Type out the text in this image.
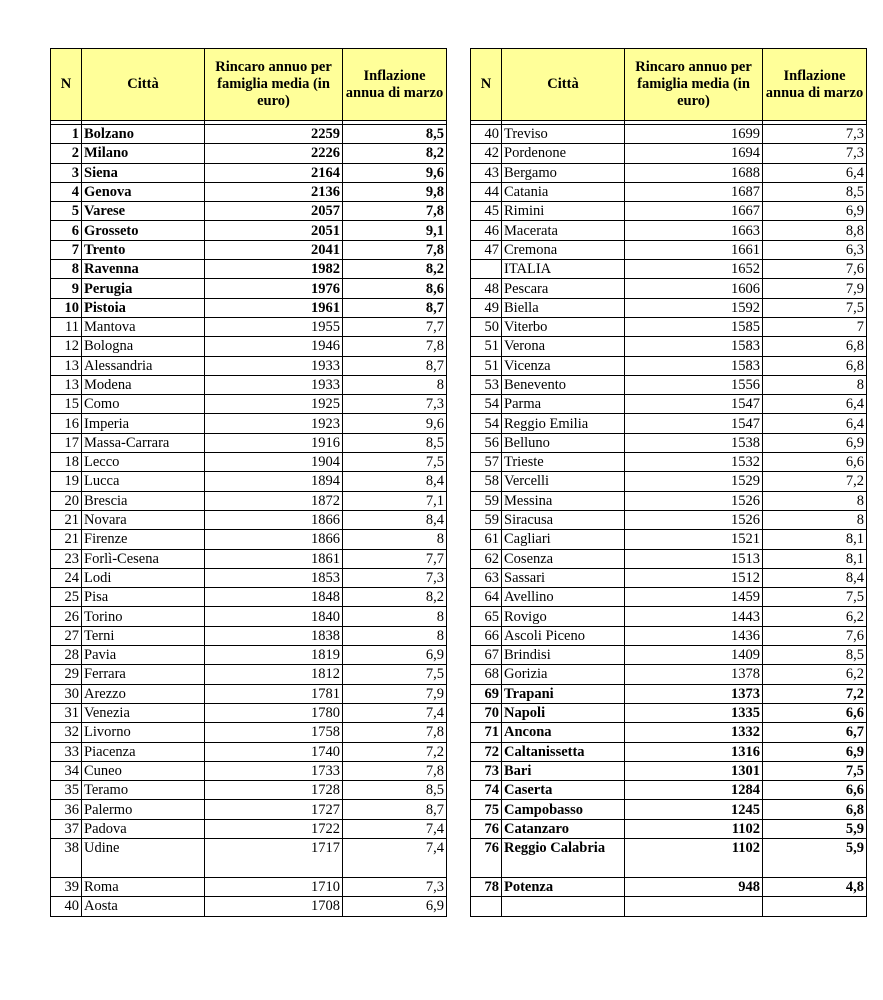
N	Città	Rincaro annuo per famiglia media (in euro)	Inflazione annua di marzo

1	Bolzano	2259	8,5
2	Milano	2226	8,2
3	Siena	2164	9,6
4	Genova	2136	9,8
5	Varese	2057	7,8
6	Grosseto	2051	9,1
7	Trento	2041	7,8
8	Ravenna	1982	8,2
9	Perugia	1976	8,6
10	Pistoia	1961	8,7
11	Mantova	1955	7,7
12	Bologna	1946	7,8
13	Alessandria	1933	8,7
13	Modena	1933	8
15	Como	1925	7,3
16	Imperia	1923	9,6
17	Massa-Carrara	1916	8,5
18	Lecco	1904	7,5
19	Lucca	1894	8,4
20	Brescia	1872	7,1
21	Novara	1866	8,4
21	Firenze	1866	8
23	Forlì-Cesena	1861	7,7
24	Lodi	1853	7,3
25	Pisa	1848	8,2
26	Torino	1840	8
27	Terni	1838	8
28	Pavia	1819	6,9
29	Ferrara	1812	7,5
30	Arezzo	1781	7,9
31	Venezia	1780	7,4
32	Livorno	1758	7,8
33	Piacenza	1740	7,2
34	Cuneo	1733	7,8
35	Teramo	1728	8,5
36	Palermo	1727	8,7
37	Padova	1722	7,4
38	Udine	1717	7,4
39	Roma	1710	7,3
40	Aosta	1708	6,9
N	Città	Rincaro annuo per famiglia media (in euro)	Inflazione annua di marzo

40	Treviso	1699	7,3
42	Pordenone	1694	7,3
43	Bergamo	1688	6,4
44	Catania	1687	8,5
45	Rimini	1667	6,9
46	Macerata	1663	8,8
47	Cremona	1661	6,3
	ITALIA	1652	7,6
48	Pescara	1606	7,9
49	Biella	1592	7,5
50	Viterbo	1585	7
51	Verona	1583	6,8
51	Vicenza	1583	6,8
53	Benevento	1556	8
54	Parma	1547	6,4
54	Reggio Emilia	1547	6,4
56	Belluno	1538	6,9
57	Trieste	1532	6,6
58	Vercelli	1529	7,2
59	Messina	1526	8
59	Siracusa	1526	8
61	Cagliari	1521	8,1
62	Cosenza	1513	8,1
63	Sassari	1512	8,4
64	Avellino	1459	7,5
65	Rovigo	1443	6,2
66	Ascoli Piceno	1436	7,6
67	Brindisi	1409	8,5
68	Gorizia	1378	6,2
69	Trapani	1373	7,2
70	Napoli	1335	6,6
71	Ancona	1332	6,7
72	Caltanissetta	1316	6,9
73	Bari	1301	7,5
74	Caserta	1284	6,6
75	Campobasso	1245	6,8
76	Catanzaro	1102	5,9
76	Reggio Calabria	1102	5,9
78	Potenza	948	4,8
